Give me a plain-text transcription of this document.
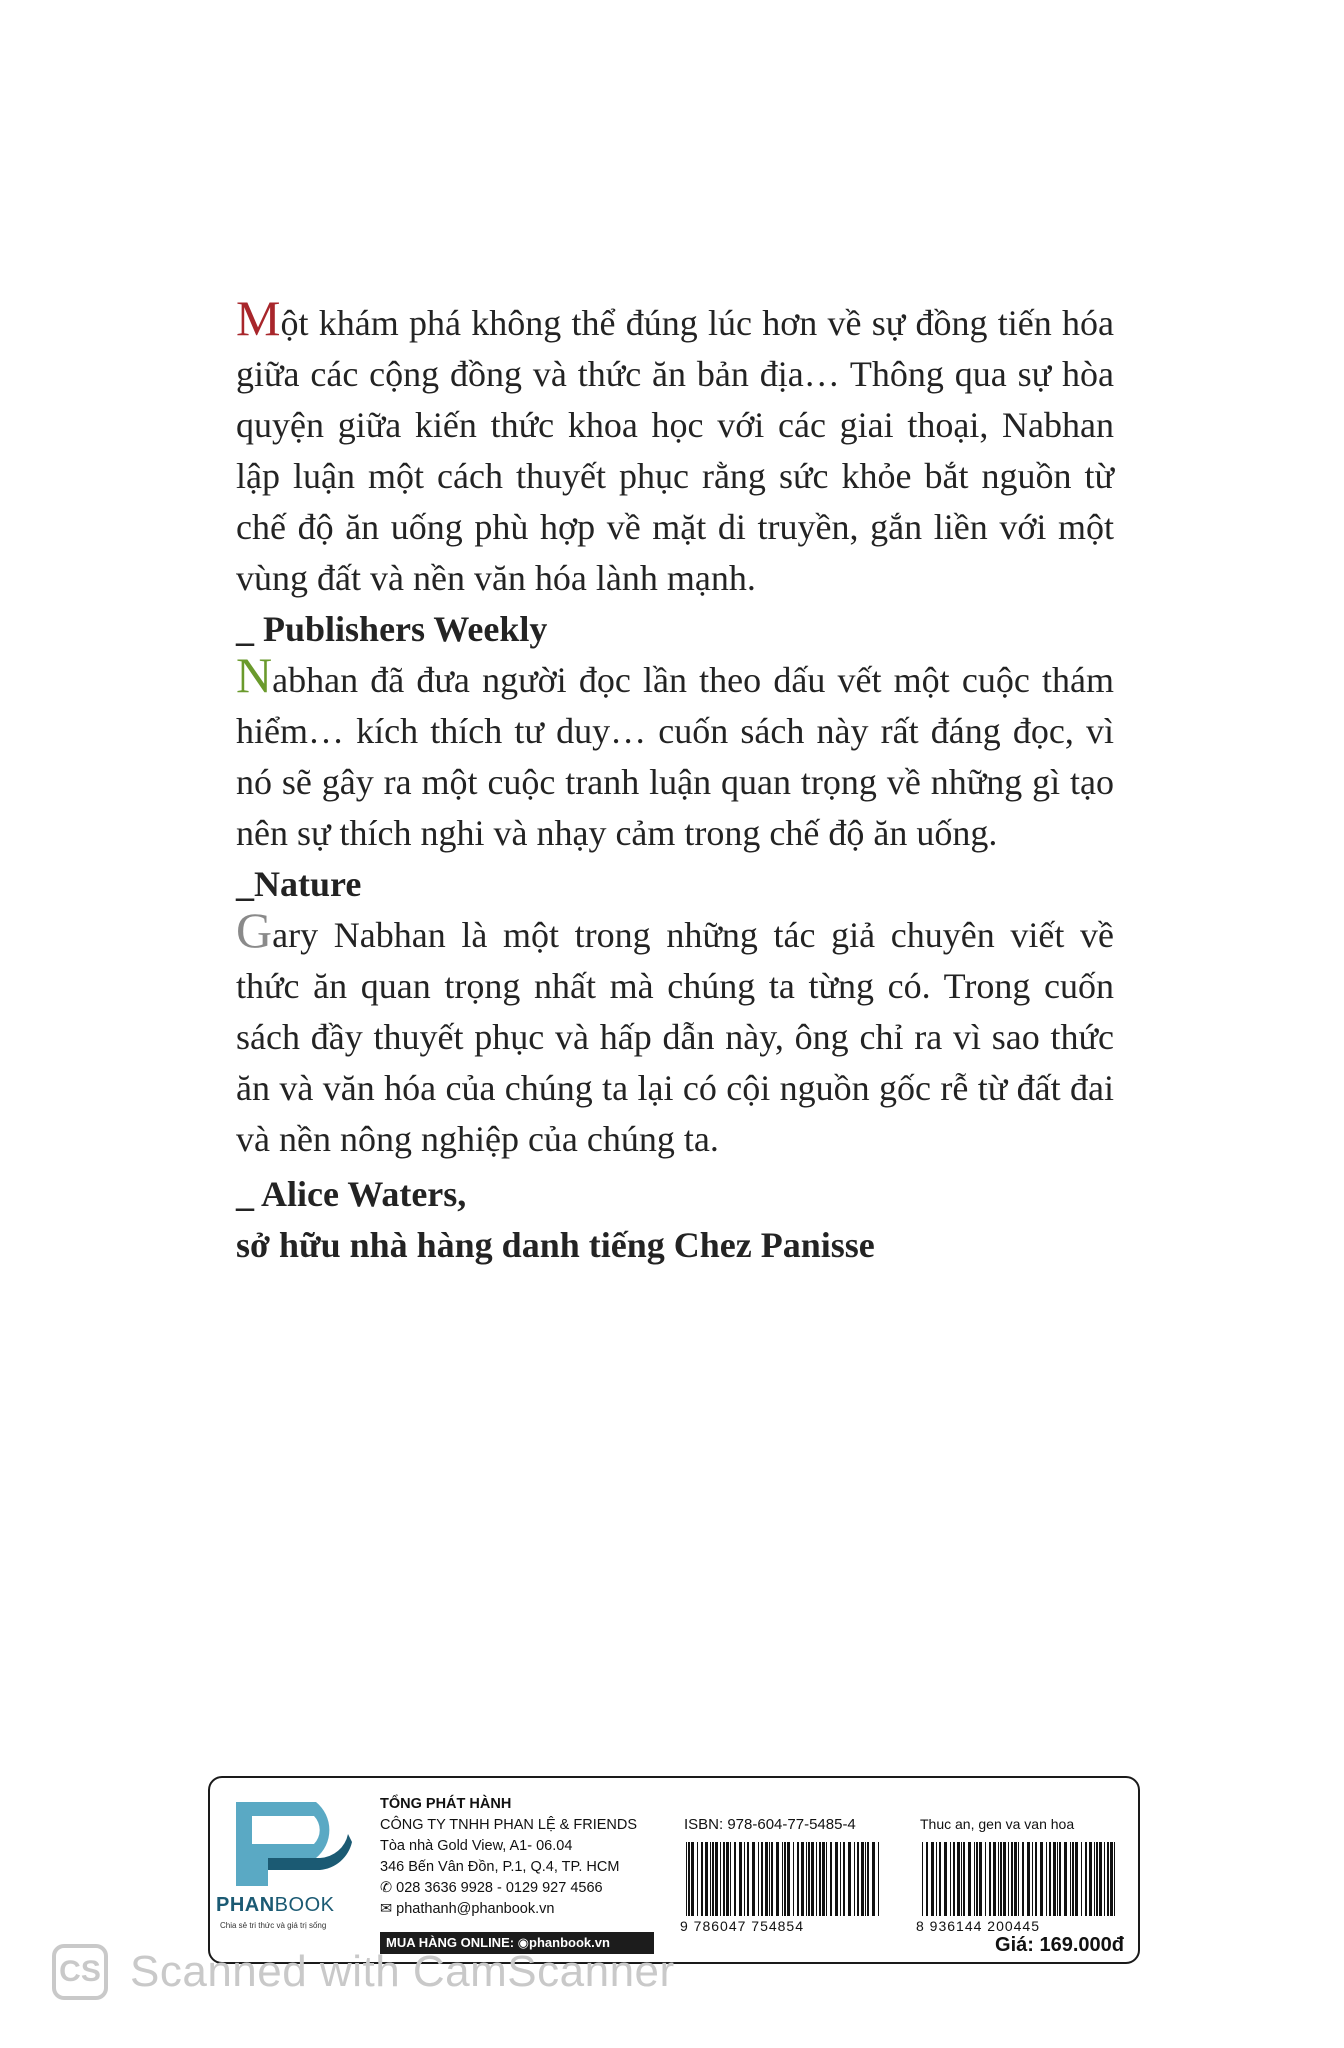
Một khám phá không thể đúng lúc hơn về sự đồng tiến hóa giữa các cộng đồng và thức ăn bản địa… Thông qua sự hòa quyện giữa kiến thức khoa học với các giai thoại, Nabhan lập luận một cách thuyết phục rằng sức khỏe bắt nguồn từ chế độ ăn uống phù hợp về mặt di truyền, gắn liền với một vùng đất và nền văn hóa lành mạnh.

_ Publishers Weekly

Nabhan đã đưa người đọc lần theo dấu vết một cuộc thám hiểm… kích thích tư duy… cuốn sách này rất đáng đọc, vì nó sẽ gây ra một cuộc tranh luận quan trọng về những gì tạo nên sự thích nghi và nhạy cảm trong chế độ ăn uống.

_Nature

Gary Nabhan là một trong những tác giả chuyên viết về thức ăn quan trọng nhất mà chúng ta từng có. Trong cuốn sách đầy thuyết phục và hấp dẫn này, ông chỉ ra vì sao thức ăn và văn hóa của chúng ta lại có cội nguồn gốc rễ từ đất đai và nền nông nghiệp của chúng ta.

_ Alice Waters,

sở hữu nhà hàng danh tiếng Chez Panisse

PHANBOOK
Chia sẻ tri thức và giá trị sống
TỔNG PHÁT HÀNH
CÔNG TY TNHH PHAN LỆ & FRIENDS
Tòa nhà Gold View, A1- 06.04
346 Bến Vân Đồn, P.1, Q.4, TP. HCM
✆ 028 3636 9928 - 0129 927 4566
✉ phathanh@phanbook.vn
MUA HÀNG ONLINE: ◉phanbook.vn
ISBN: 978-604-77-5485-4	Thuc an, gen va van hoa
9 786047 754854	8 936144 200445
Giá: 169.000đ
CS Scanned with CamScanner
